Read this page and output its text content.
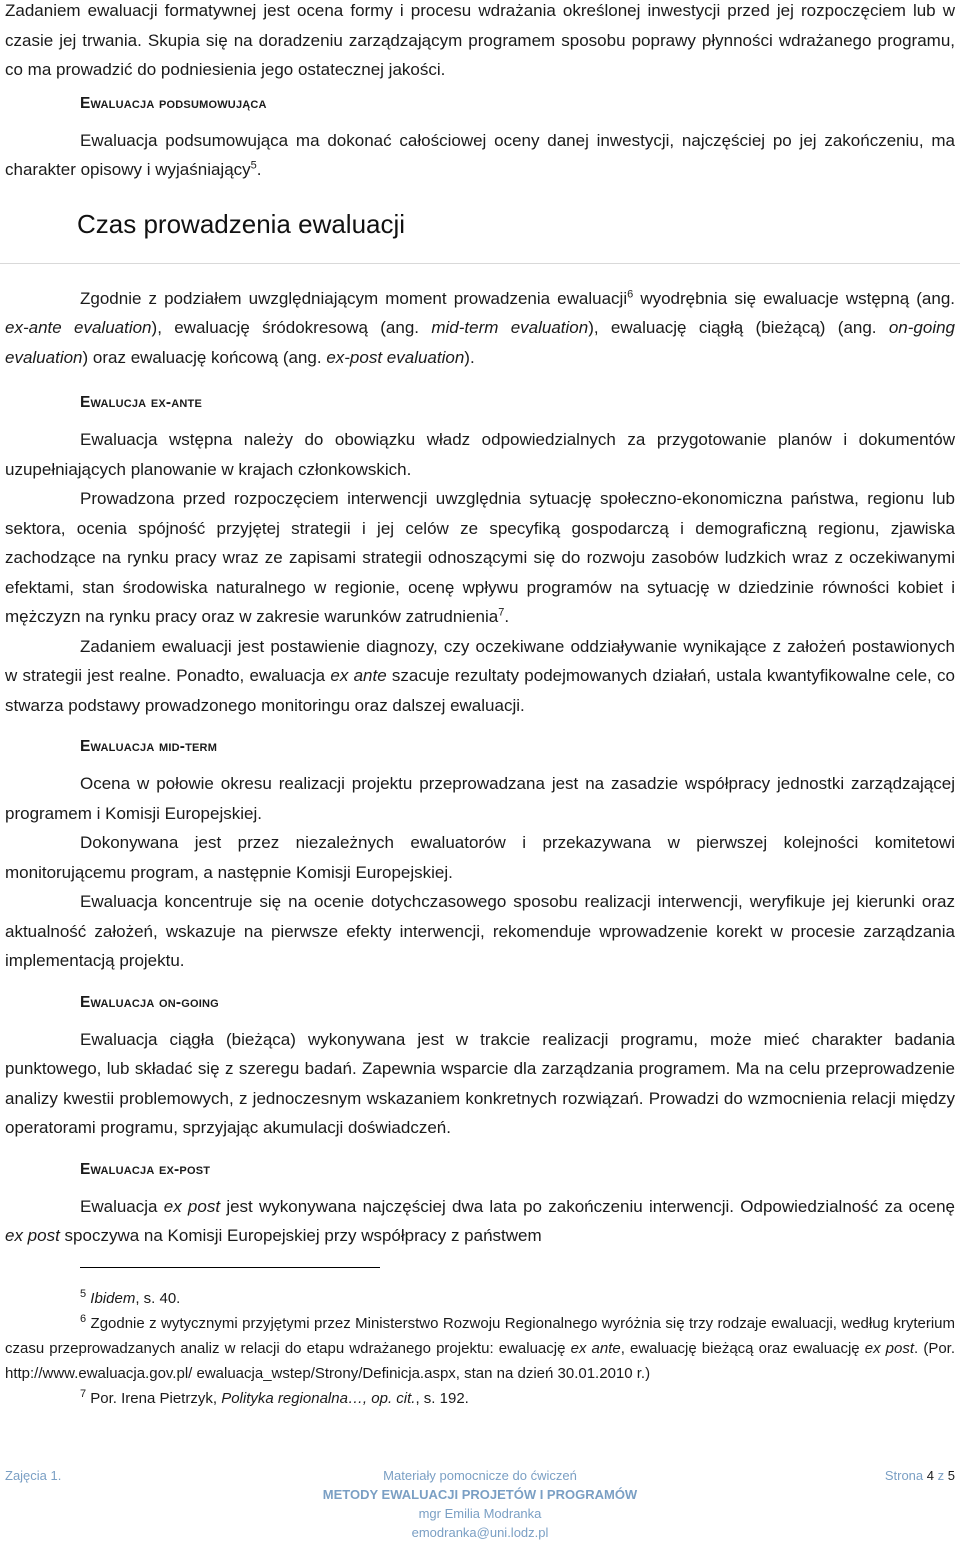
Zadaniem ewaluacji formatywnej jest ocena formy i procesu wdrażania określonej inwestycji przed jej rozpoczęciem lub w czasie jej trwania. Skupia się na doradzeniu zarządzającym programem sposobu poprawy płynności wdrażanego programu, co ma prowadzić do podniesienia jego ostatecznej jakości.

Ewaluacja podsumowująca

Ewaluacja podsumowująca ma dokonać całościowej oceny danej inwestycji, najczęściej po jej zakończeniu, ma charakter opisowy i wyjaśniający$^5$.

Czas prowadzenia ewaluacji

Zgodnie z podziałem uwzględniającym moment prowadzenia ewaluacji$^6$ wyodrębnia się ewaluacje wstępną (ang. ex-ante evaluation), ewaluację śródokresową (ang. mid-term evaluation), ewaluację ciągłą (bieżącą) (ang. on-going evaluation) oraz ewaluację końcową (ang. ex-post evaluation).

Ewalucja ex-ante

Ewaluacja wstępna należy do obowiązku władz odpowiedzialnych za przygotowanie planów i dokumentów uzupełniających planowanie w krajach członkowskich.

Prowadzona przed rozpoczęciem interwencji uwzględnia sytuację społeczno-ekonomiczna państwa, regionu lub sektora, ocenia spójność przyjętej strategii i jej celów ze specyfiką gospodarczą i demograficzną regionu, zjawiska zachodzące na rynku pracy wraz ze zapisami strategii odnoszącymi się do rozwoju zasobów ludzkich wraz z oczekiwanymi efektami, stan środowiska naturalnego w regionie, ocenę wpływu programów na sytuację w dziedzinie równości kobiet i mężczyzn na rynku pracy oraz w zakresie warunków zatrudnienia$^7$.

Zadaniem ewaluacji jest postawienie diagnozy, czy oczekiwane oddziaływanie wynikające z założeń postawionych w strategii jest realne. Ponadto, ewaluacja ex ante szacuje rezultaty podejmowanych działań, ustala kwantyfikowalne cele, co stwarza podstawy prowadzonego monitoringu oraz dalszej ewaluacji.

Ewaluacja mid-term

Ocena w połowie okresu realizacji projektu przeprowadzana jest na zasadzie współpracy jednostki zarządzającej programem i Komisji Europejskiej.

Dokonywana jest przez niezależnych ewaluatorów i przekazywana w pierwszej kolejności komitetowi monitorującemu program, a następnie Komisji Europejskiej.

Ewaluacja koncentruje się na ocenie dotychczasowego sposobu realizacji interwencji, weryfikuje jej kierunki oraz aktualność założeń, wskazuje na pierwsze efekty interwencji, rekomenduje wprowadzenie korekt w procesie zarządzania implementacją projektu.

Ewaluacja on-going

Ewaluacja ciągła (bieżąca) wykonywana jest w trakcie realizacji programu, może mieć charakter badania punktowego, lub składać się z szeregu badań. Zapewnia wsparcie dla zarządzania programem. Ma na celu przeprowadzenie analizy kwestii problemowych, z jednoczesnym wskazaniem konkretnych rozwiązań. Prowadzi do wzmocnienia relacji między operatorami programu, sprzyjając akumulacji doświadczeń.

Ewaluacja ex-post

Ewaluacja ex post jest wykonywana najczęściej dwa lata po zakończeniu interwencji. Odpowiedzialność za ocenę ex post spoczywa na Komisji Europejskiej przy współpracy z państwem

$^5$ Ibidem, s. 40.

$^6$ Zgodnie z wytycznymi przyjętymi przez Ministerstwo Rozwoju Regionalnego wyróżnia się trzy rodzaje ewaluacji, według kryterium czasu przeprowadzanych analiz w relacji do etapu wdrażanego projektu: ewaluację ex ante, ewaluację bieżącą oraz ewaluację ex post. (Por. http://www.ewaluacja.gov.pl/ ewaluacja_wstep/Strony/Definicja.aspx, stan na dzień 30.01.2010 r.)

$^7$ Por. Irena Pietrzyk, Polityka regionalna…, op. cit., s. 192.

Zajęcia 1.	Materiały pomocnicze do ćwiczeń
METODY EWALUACJI PROJETÓW I PROGRAMÓW
mgr Emilia Modranka
emodranka@uni.lodz.pl
Strona 4 z 5
